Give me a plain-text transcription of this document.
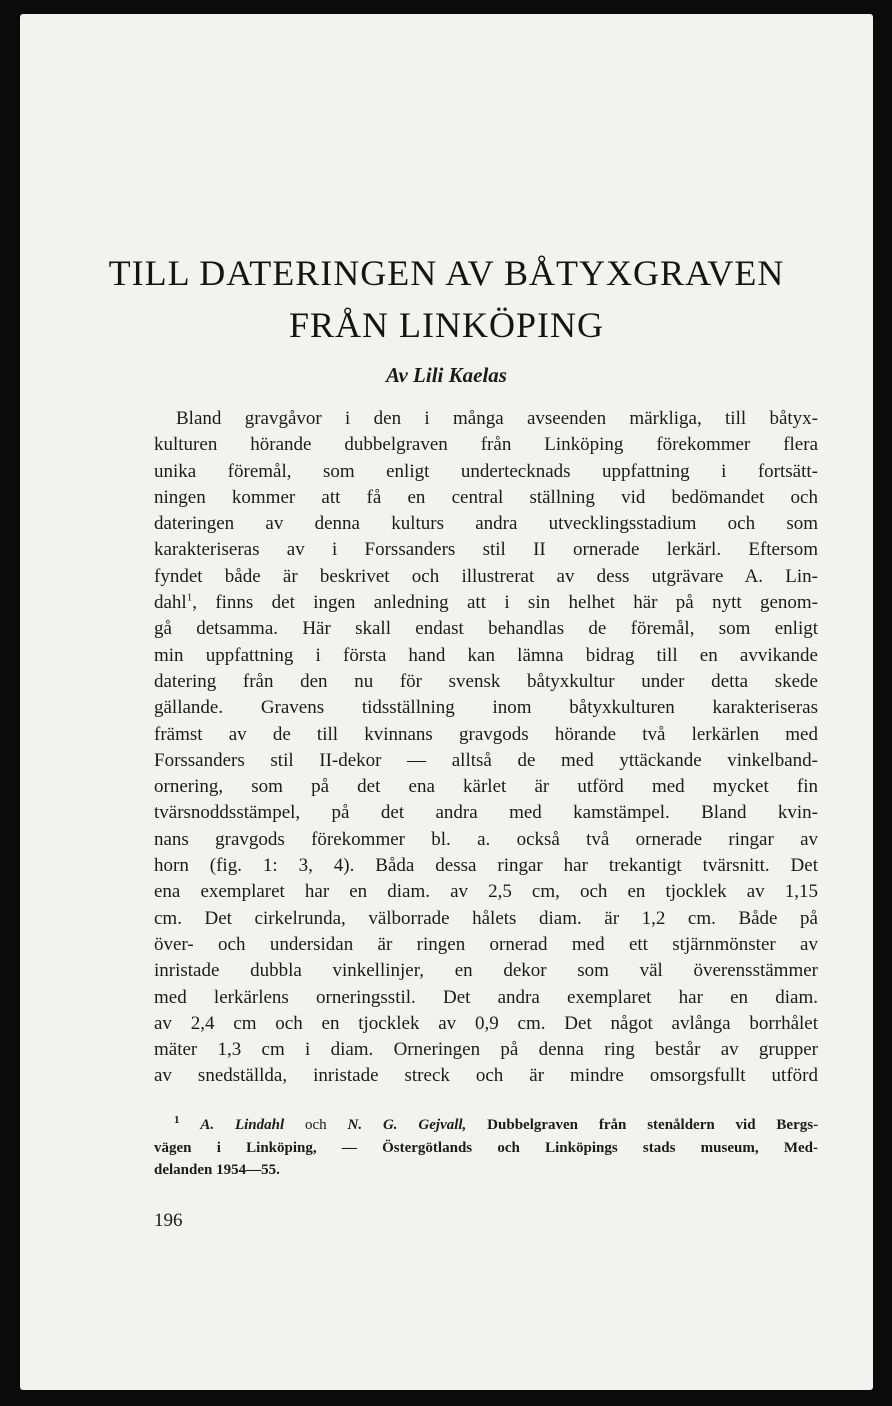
TILL DATERINGEN AV BÅTYXGRAVEN
FRÅN LINKÖPING
Av Lili Kaelas
Bland gravgåvor i den i många avseenden märkliga, till båtyx-
kulturen hörande dubbelgraven från Linköping förekommer flera
unika föremål, som enligt undertecknads uppfattning i fortsätt-
ningen kommer att få en central ställning vid bedömandet och
dateringen av denna kulturs andra utvecklingsstadium och som
karakteriseras av i Forssanders stil II ornerade lerkärl. Eftersom
fyndet både är beskrivet och illustrerat av dess utgrävare A. Lin-
dahl$^1$, finns det ingen anledning att i sin helhet här på nytt genom-
gå detsamma. Här skall endast behandlas de föremål, som enligt
min uppfattning i första hand kan lämna bidrag till en avvikande
datering från den nu för svensk båtyxkultur under detta skede
gällande. Gravens tidsställning inom båtyxkulturen karakteriseras
främst av de till kvinnans gravgods hörande två lerkärlen med
Forssanders stil II-dekor — alltså de med yttäckande vinkelband-
ornering, som på det ena kärlet är utförd med mycket fin
tvärsnoddsstämpel, på det andra med kamstämpel. Bland kvin-
nans gravgods förekommer bl. a. också två ornerade ringar av
horn (fig. 1: 3, 4). Båda dessa ringar har trekantigt tvärsnitt. Det
ena exemplaret har en diam. av 2,5 cm, och en tjocklek av 1,15
cm. Det cirkelrunda, välborrade hålets diam. är 1,2 cm. Både på
över- och undersidan är ringen ornerad med ett stjärnmönster av
inristade dubbla vinkellinjer, en dekor som väl överensstämmer
med lerkärlens orneringsstil. Det andra exemplaret har en diam.
av 2,4 cm och en tjocklek av 0,9 cm. Det något avlånga borrhålet
mäter 1,3 cm i diam. Orneringen på denna ring består av grupper
av snedställda, inristade streck och är mindre omsorgsfullt utförd
$^1$ A. Lindahl och N. G. Gejvall, Dubbelgraven från stenåldern vid Bergs-
vägen i Linköping, — Östergötlands och Linköpings stads museum, Med-
delanden 1954—55.
196
